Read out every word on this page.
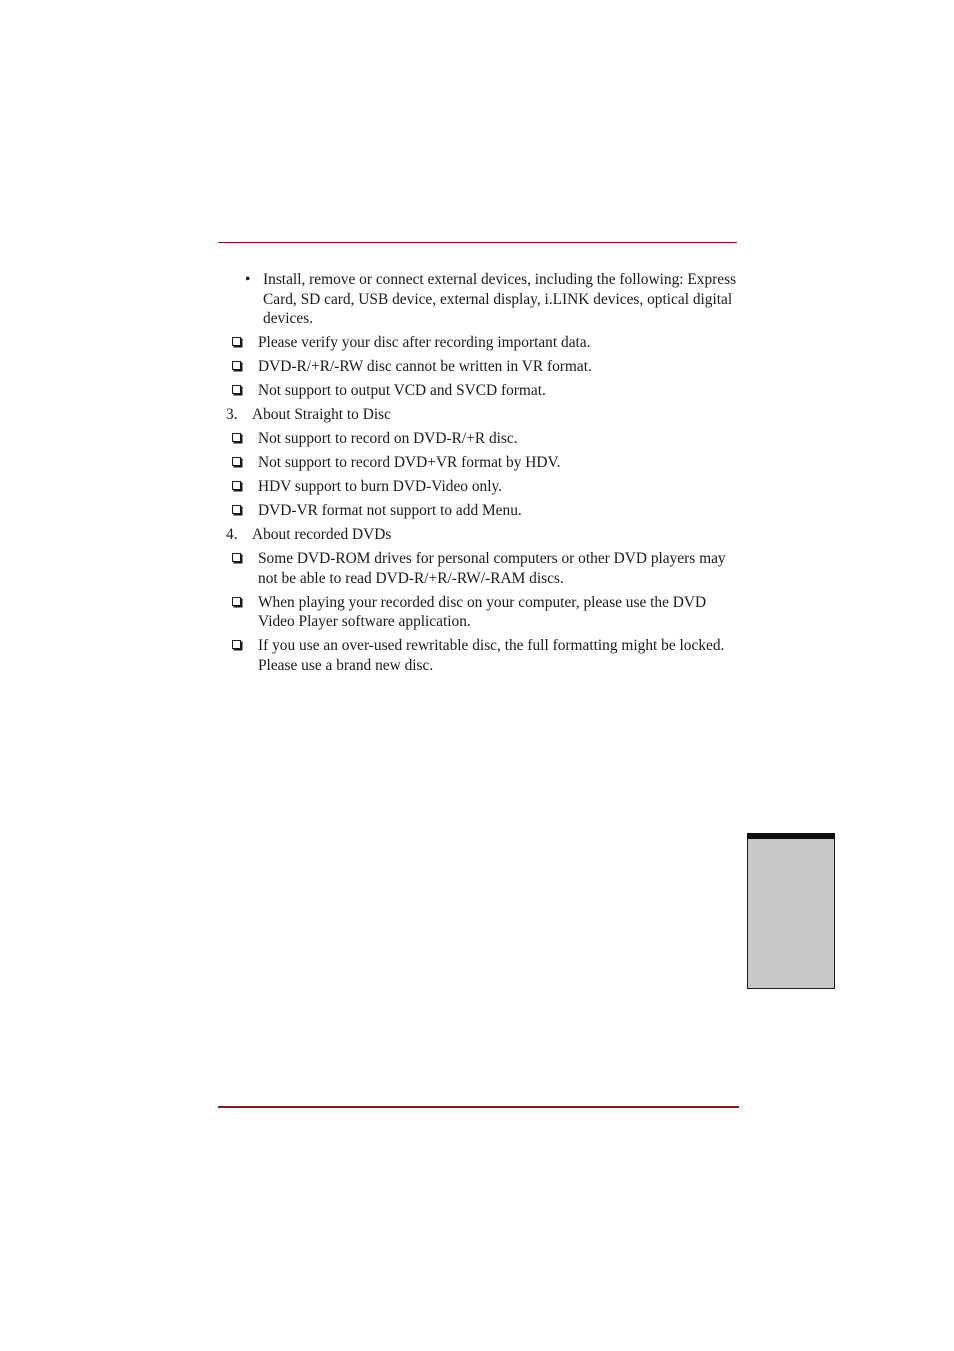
• Install, remove or connect external devices, including the following: Express Card, SD card, USB device, external display, i.LINK devices, optical digital devices.
Please verify your disc after recording important data.
DVD-R/+R/-RW disc cannot be written in VR format.
Not support to output VCD and SVCD format.
3. About Straight to Disc
Not support to record on DVD-R/+R disc.
Not support to record DVD+VR format by HDV.
HDV support to burn DVD-Video only.
DVD-VR format not support to add Menu.
4. About recorded DVDs
Some DVD-ROM drives for personal computers or other DVD players may not be able to read DVD-R/+R/-RW/-RAM discs.
When playing your recorded disc on your computer, please use the DVD Video Player software application.
If you use an over-used rewritable disc, the full formatting might be locked. Please use a brand new disc.
